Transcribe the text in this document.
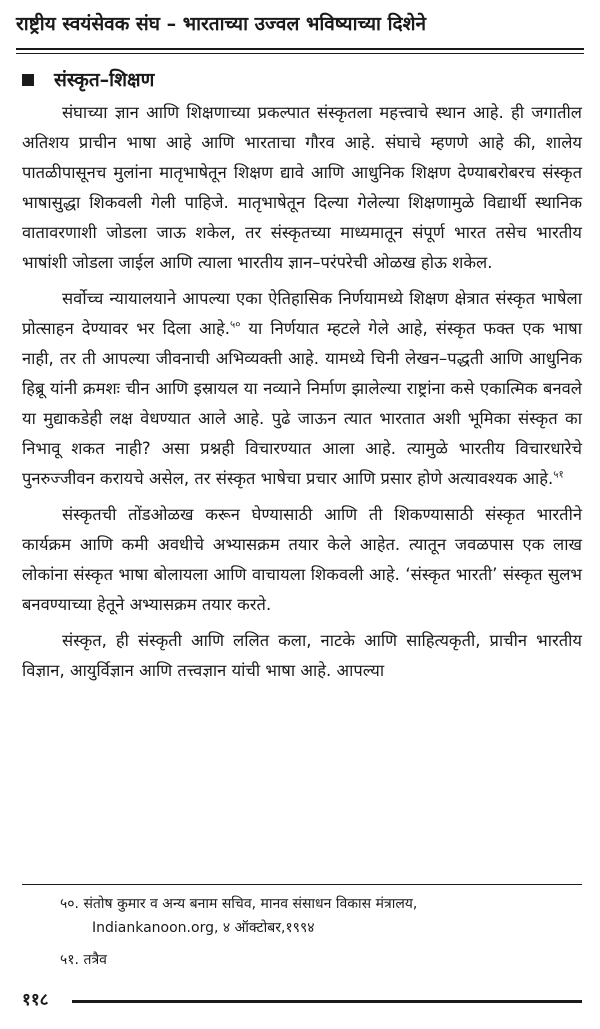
राष्ट्रीय स्वयंसेवक संघ – भारताच्या उज्वल भविष्याच्या दिशेने
संस्कृत–शिक्षण

संघाच्या ज्ञान आणि शिक्षणाच्या प्रकल्पात संस्कृतला महत्त्वाचे स्थान आहे. ही जगातील अतिशय प्राचीन भाषा आहे आणि भारताचा गौरव आहे. संघाचे म्हणणे आहे की, शालेय पातळीपासूनच मुलांना मातृभाषेतून शिक्षण द्यावे आणि आधुनिक शिक्षण देण्याबरोबरच संस्कृत भाषासुद्धा शिकवली गेली पाहिजे. मातृभाषेतून दिल्या गेलेल्या शिक्षणामुळे विद्यार्थी स्थानिक वातावरणाशी जोडला जाऊ शकेल, तर संस्कृतच्या माध्यमातून संपूर्ण भारत तसेच भारतीय भाषांशी जोडला जाईल आणि त्याला भारतीय ज्ञान–परंपरेची ओळख होऊ शकेल.

सर्वोच्च न्यायालयाने आपल्या एका ऐतिहासिक निर्णयामध्ये शिक्षण क्षेत्रात संस्कृत भाषेला प्रोत्साहन देण्यावर भर दिला आहे.$^{५०}$ या निर्णयात म्हटले गेले आहे, संस्कृत फक्त एक भाषा नाही, तर ती आपल्या जीवनाची अभिव्यक्ती आहे. यामध्ये चिनी लेखन–पद्धती आणि आधुनिक हिब्रू यांनी क्रमशः चीन आणि इस्रायल या नव्याने निर्माण झालेल्या राष्ट्रांना कसे एकात्मिक बनवले या मुद्याकडेही लक्ष वेधण्यात आले आहे. पुढे जाऊन त्यात भारतात अशी भूमिका संस्कृत का निभावू शकत नाही? असा प्रश्नही विचारण्यात आला आहे. त्यामुळे भारतीय विचारधारेचे पुनरुज्जीवन करायचे असेल, तर संस्कृत भाषेचा प्रचार आणि प्रसार होणे अत्यावश्यक आहे.$^{५१}$

संस्कृतची तोंडओळख करून घेण्यासाठी आणि ती शिकण्यासाठी संस्कृत भारतीने कार्यक्रम आणि कमी अवधीचे अभ्यासक्रम तयार केले आहेत. त्यातून जवळपास एक लाख लोकांना संस्कृत भाषा बोलायला आणि वाचायला शिकवली आहे. ‘संस्कृत भारती’ संस्कृत सुलभ बनवण्याच्या हेतूने अभ्यासक्रम तयार करते.

संस्कृत, ही संस्कृती आणि ललित कला, नाटके आणि साहित्यकृती, प्राचीन भारतीय विज्ञान, आयुर्विज्ञान आणि तत्त्वज्ञान यांची भाषा आहे. आपल्या

५०. संतोष कुमार व अन्य बनाम सचिव, मानव संसाधन विकास मंत्रालय,
Indiankanoon.org, ४ ऑक्टोबर,१९९४
५१. तत्रैव
११८
